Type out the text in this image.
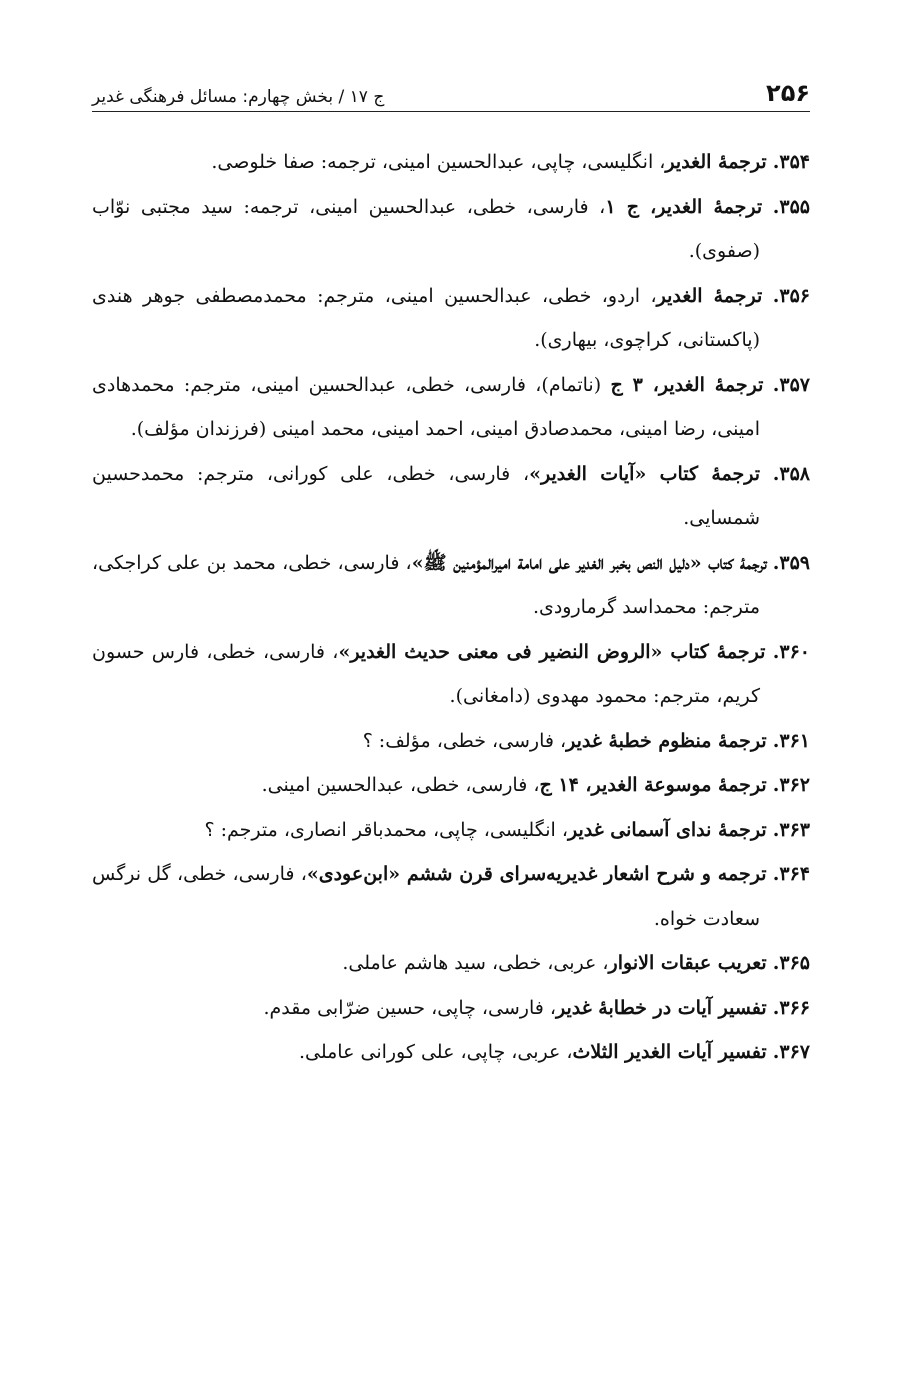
۲۵۶
ج ۱۷ / بخش چهارم: مسائل فرهنگی غدیر

۳۵۴. ترجمهٔ الغدیر، انگلیسی، چاپی، عبدالحسین امینی، ترجمه: صفا خلوصی.

۳۵۵. ترجمهٔ الغدیر، ج ۱، فارسی، خطی، عبدالحسین امینی، ترجمه: سید مجتبی نوّاب (صفوی).

۳۵۶. ترجمهٔ الغدیر، اردو، خطی، عبدالحسین امینی، مترجم: محمدمصطفی جوهر هندی (پاکستانی، کراچوی، بیهاری).

۳۵۷. ترجمهٔ الغدیر، ۳ ج (ناتمام)، فارسی، خطی، عبدالحسین امینی، مترجم: محمدهادی امینی، رضا امینی، محمدصادق امینی، احمد امینی، محمد امینی (فرزندان مؤلف).

۳۵۸. ترجمهٔ کتاب «آیات الغدیر»، فارسی، خطی، علی کورانی، مترجم: محمدحسین شمسایی.

۳۵۹. ترجمهٔ کتاب «دلیل النص بخبر الغدیر علی امامة امیرالمؤمنین ﷺ»، فارسی، خطی، محمد بن علی کراجکی، مترجم: محمداسد گرمارودی.

۳۶۰. ترجمهٔ کتاب «الروض النضیر فی معنی حدیث الغدیر»، فارسی، خطی، فارس حسون کریم، مترجم: محمود مهدوی (دامغانی).

۳۶۱. ترجمهٔ منظوم خطبهٔ غدیر، فارسی، خطی، مؤلف: ؟

۳۶۲. ترجمهٔ موسوعة الغدیر، ۱۴ ج، فارسی، خطی، عبدالحسین امینی.

۳۶۳. ترجمهٔ ندای آسمانی غدیر، انگلیسی، چاپی، محمدباقر انصاری، مترجم: ؟

۳۶۴. ترجمه و شرح اشعار غدیریه‌سرای قرن ششم «ابن‌عودی»، فارسی، خطی، گل نرگس سعادت خواه.

۳۶۵. تعریب عبقات الانوار، عربی، خطی، سید هاشم عاملی.

۳۶۶. تفسیر آیات در خطابهٔ غدیر، فارسی، چاپی، حسین ضرّابی مقدم.

۳۶۷. تفسیر آیات الغدیر الثلاث، عربی، چاپی، علی کورانی عاملی.
